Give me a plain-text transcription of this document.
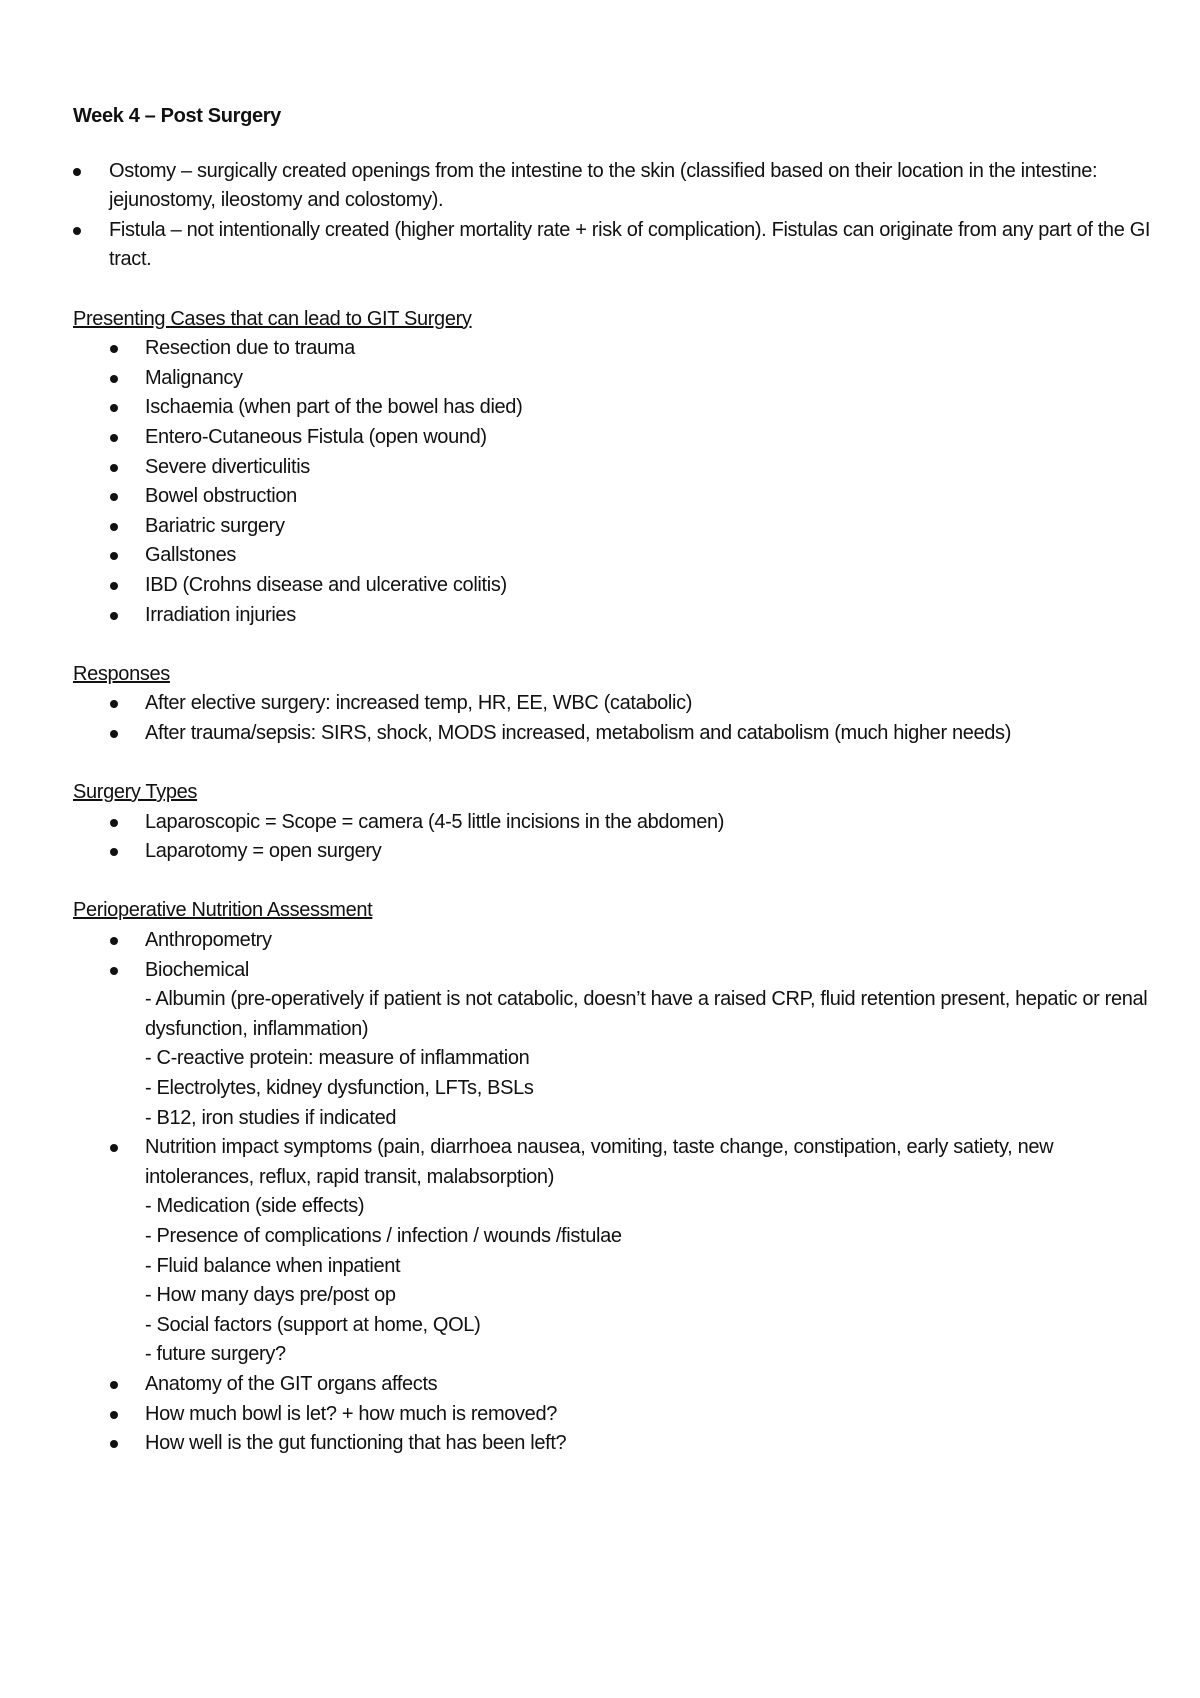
Week 4 – Post Surgery

Ostomy – surgically created openings from the intestine to the skin (classified based on their location in the intestine: jejunostomy, ileostomy and colostomy).
Fistula – not intentionally created (higher mortality rate + risk of complication). Fistulas can originate from any part of the GI tract.

Presenting Cases that can lead to GIT Surgery

Resection due to trauma
Malignancy
Ischaemia (when part of the bowel has died)
Entero-Cutaneous Fistula (open wound)
Severe diverticulitis
Bowel obstruction
Bariatric surgery
Gallstones
IBD (Crohns disease and ulcerative colitis)
Irradiation injuries

Responses

After elective surgery: increased temp, HR, EE, WBC (catabolic)
After trauma/sepsis: SIRS, shock, MODS increased, metabolism and catabolism (much higher needs)

Surgery Types

Laparoscopic = Scope = camera (4-5 little incisions in the abdomen)
Laparotomy = open surgery

Perioperative Nutrition Assessment

Anthropometry
Biochemical
- Albumin (pre-operatively if patient is not catabolic, doesn’t have a raised CRP, fluid retention present, hepatic or renal dysfunction, inflammation)
- C-reactive protein: measure of inflammation
- Electrolytes, kidney dysfunction, LFTs, BSLs
- B12, iron studies if indicated
Nutrition impact symptoms (pain, diarrhoea nausea, vomiting, taste change, constipation, early satiety, new intolerances, reflux, rapid transit, malabsorption)
- Medication (side effects)
- Presence of complications / infection / wounds /fistulae
- Fluid balance when inpatient
- How many days pre/post op
- Social factors (support at home, QOL)
- future surgery?
Anatomy of the GIT organs affects
How much bowl is let? + how much is removed?
How well is the gut functioning that has been left?
